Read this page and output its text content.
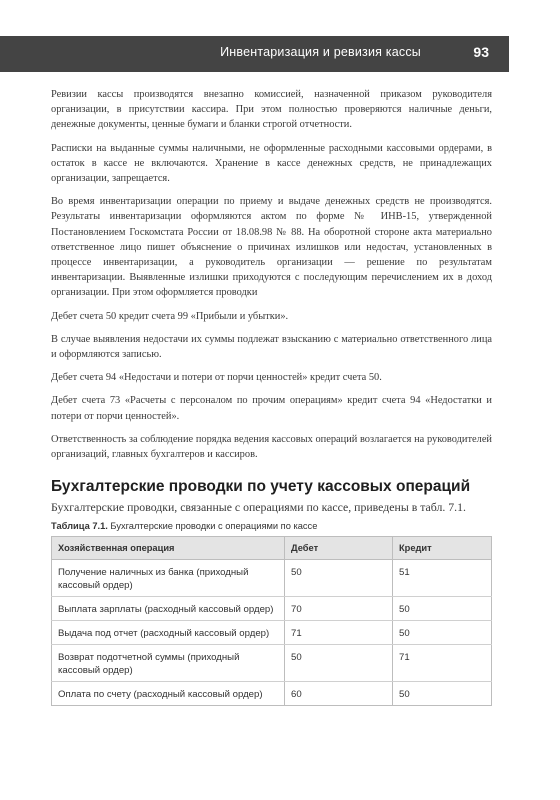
Инвентаризация и ревизия кассы	93

Ревизии кассы производятся внезапно комиссией, назначенной приказом руководителя организации, в присутствии кассира. При этом полностью проверяются наличные деньги, денежные документы, ценные бумаги и бланки строгой отчетности.

Расписки на выданные суммы наличными, не оформленные расходными кассовыми ордерами, в остаток в кассе не включаются. Хранение в кассе денежных средств, не принадлежащих организации, запрещается.

Во время инвентаризации операции по приему и выдаче денежных средств не производятся. Результаты инвентаризации оформляются актом по форме № ИНВ-15, утвержденной Постановлением Госкомстата России от 18.08.98 № 88. На оборотной стороне акта материально ответственное лицо пишет объяснение о причинах излишков или недостач, установленных в процессе инвентаризации, а руководитель организации — решение по результатам инвентаризации. Выявленные излишки приходуются с последующим перечислением их в доход организации. При этом оформляется проводки

Дебет счета 50 кредит счета 99 «Прибыли и убытки».

В случае выявления недостачи их суммы подлежат взысканию с материально ответственного лица и оформляются записью.

Дебет счета 94 «Недостачи и потери от порчи ценностей» кредит счета 50.

Дебет счета 73 «Расчеты с персоналом по прочим операциям» кредит счета 94 «Недостатки и потери от порчи ценностей».

Ответственность за соблюдение порядка ведения кассовых операций возлагается на руководителей организаций, главных бухгалтеров и кассиров.

Бухгалтерские проводки по учету кассовых операций

Бухгалтерские проводки, связанные с операциями по кассе, приведены в табл. 7.1.

Таблица 7.1. Бухгалтерские проводки с операциями по кассе
Хозяйственная операция	Дебет	Кредит
Получение наличных из банка (приходный кассовый ордер)	50	51
Выплата зарплаты (расходный кассовый ордер)	70	50
Выдача под отчет (расходный кассовый ордер)	71	50
Возврат подотчетной суммы (приходный кассовый ордер)	50	71
Оплата по счету (расходный кассовый ордер)	60	50
